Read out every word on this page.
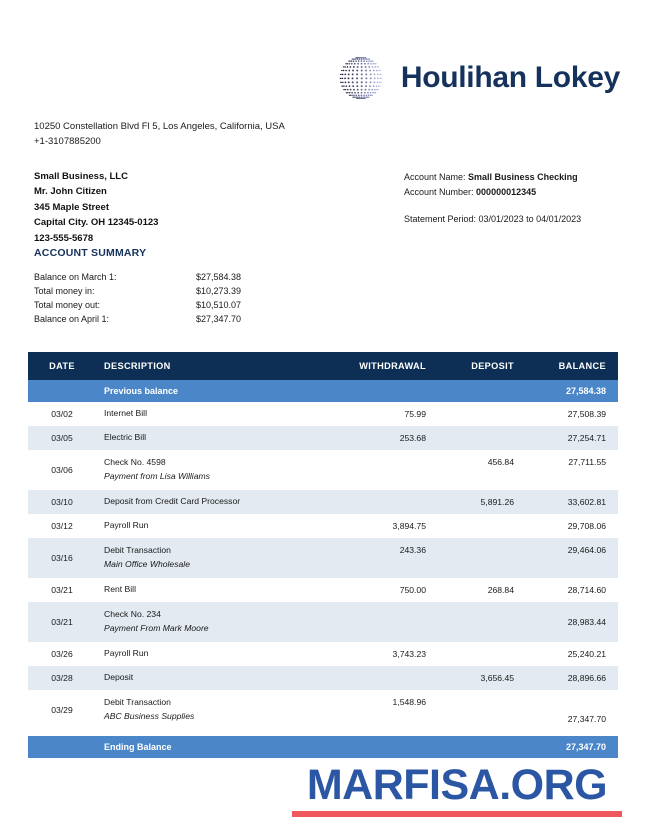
Houlihan Lokey
10250 Constellation Blvd Fl 5, Los Angeles, California, USA
+1-3107885200
Small Business, LLC
Mr. John Citizen
345 Maple Street
Capital City. OH 12345-0123
123-555-5678
Account Name: Small Business Checking
Account Number: 000000012345
Statement Period: 03/01/2023 to 04/01/2023
ACCOUNT SUMMARY
Balance on March 1:	$27,584.38
Total money in:	$10,273.39
Total money out:	$10,510.07
Balance on April 1:	$27,347.70
DATE	DESCRIPTION	WITHDRAWAL	DEPOSIT	BALANCE
	Previous balance			27,584.38
03/02	Internet Bill	75.99		27,508.39
03/05	Electric Bill	253.68		27,254.71
03/06	Check No. 4598
Payment from Lisa Williams		456.84	27,711.55
03/10	Deposit from Credit Card Processor		5,891.26	33,602.81
03/12	Payroll Run	3,894.75		29,708.06
03/16	Debit Transaction
Main Office Wholesale	243.36		29,464.06
03/21	Rent Bill	750.00	268.84	28,714.60
03/21	Check No. 234
Payment From Mark Moore			28,983.44
03/26	Payroll Run	3,743.23		25,240.21
03/28	Deposit		3,656.45	28,896.66
03/29	Debit Transaction
ABC Business Supplies	1,548.96		27,347.70

	Ending Balance			27,347.70
MARFISA.ORG
